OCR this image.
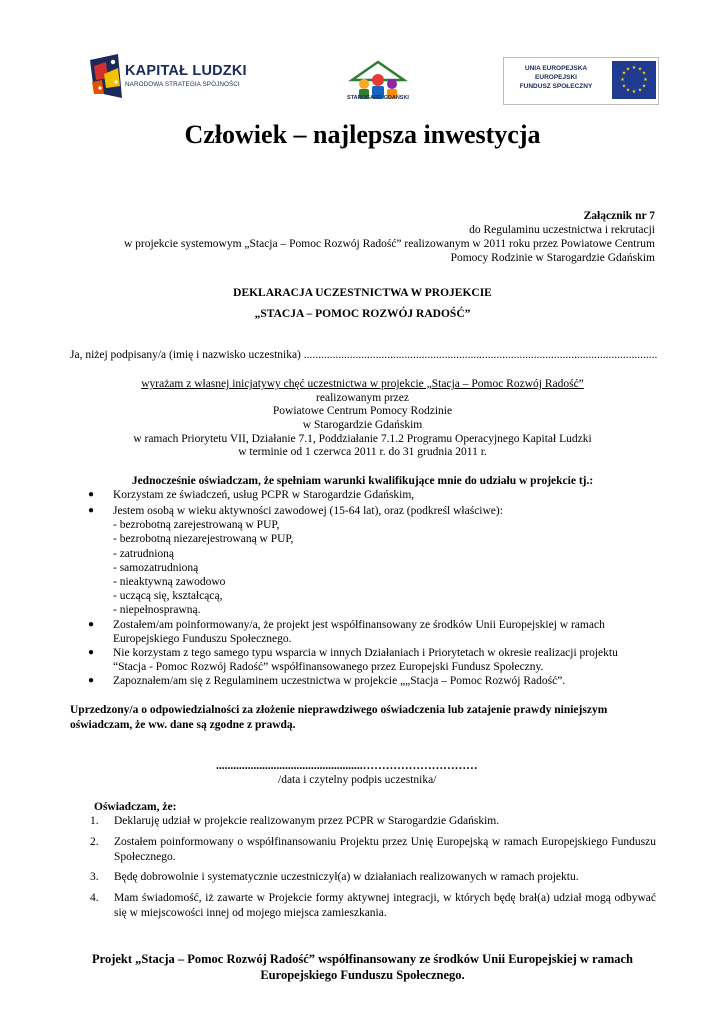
KAPITAŁ LUDZKI
NARODOWA STRATEGIA SPÓJNOŚCI
STAROGARD GDAŃSKI
UNIA EUROPEJSKA
EUROPEJSKI
FUNDUSZ SPOŁECZNY
★ ★
★
★
★
★
★
★
★
★
★
★
Człowiek – najlepsza inwestycja
Załącznik nr 7
do Regulaminu uczestnictwa i rekrutacji
w projekcie systemowym „Stacja – Pomoc Rozwój Radość” realizowanym w 2011 roku przez Powiatowe Centrum
Pomocy Rodzinie w Starogardzie Gdańskim
DEKLARACJA UCZESTNICTWA W PROJEKCIE
„STACJA – POMOC ROZWÓJ RADOŚĆ”
Ja, niżej podpisany/a (imię i nazwisko uczestnika) ...........................................................................................................................
wyrażam z własnej inicjatywy chęć uczestnictwa w projekcie „Stacja – Pomoc Rozwój Radość”
realizowanym przez
Powiatowe Centrum Pomocy Rodzinie
w Starogardzie Gdańskim
w ramach Priorytetu VII, Działanie 7.1, Poddziałanie 7.1.2 Programu Operacyjnego Kapitał Ludzki
w terminie od 1 czerwca 2011 r. do 31 grudnia 2011 r.
Jednocześnie oświadczam, że spełniam warunki kwalifikujące mnie do udziału w projekcie tj.:
● Korzystam ze świadczeń, usług PCPR w Starogardzie Gdańskim,
● Jestem osobą w wieku aktywności zawodowej (15-64 lat), oraz (podkreśl właściwe):
- bezrobotną zarejestrowaną w PUP,
- bezrobotną niezarejestrowaną w PUP,
- zatrudnioną
- samozatrudnioną
- nieaktywną zawodowo
- uczącą się, kształcącą,
- niepełnosprawną.
● Zostałem/am poinformowany/a, że projekt jest współfinansowany ze środków Unii Europejskiej w ramach
Europejskiego Funduszu Społecznego.
● Nie korzystam z tego samego typu wsparcia w innych Działaniach i Priorytetach w okresie realizacji projektu
“Stacja - Pomoc Rozwój Radość” współfinansowanego przez Europejski Fundusz Społeczny.
● Zapoznałem/am się z Regulaminem uczestnictwa w projekcie „„Stacja – Pomoc Rozwój Radość”.
Uprzedzony/a o odpowiedzialności za złożenie nieprawdziwego oświadczenia lub zatajenie prawdy niniejszym
oświadczam, że ww. dane są zgodne z prawdą.
...................................................…………………………
/data i czytelny podpis uczestnika/
Oświadczam, że:
1. Deklaruję udział w projekcie realizowanym przez PCPR w Starogardzie Gdańskim.
2. Zostałem poinformowany o współfinansowaniu Projektu przez Unię Europejską w ramach Europejskiego Funduszu Społecznego.
3. Będę dobrowolnie i systematycznie uczestniczył(a) w działaniach realizowanych w ramach projektu.
4. Mam świadomość, iż zawarte w Projekcie formy aktywnej integracji, w których będę brał(a) udział mogą odbywać się w miejscowości innej od mojego miejsca zamieszkania.
Projekt „Stacja – Pomoc Rozwój Radość” współfinansowany ze środków Unii Europejskiej w ramach
Europejskiego Funduszu Społecznego.
